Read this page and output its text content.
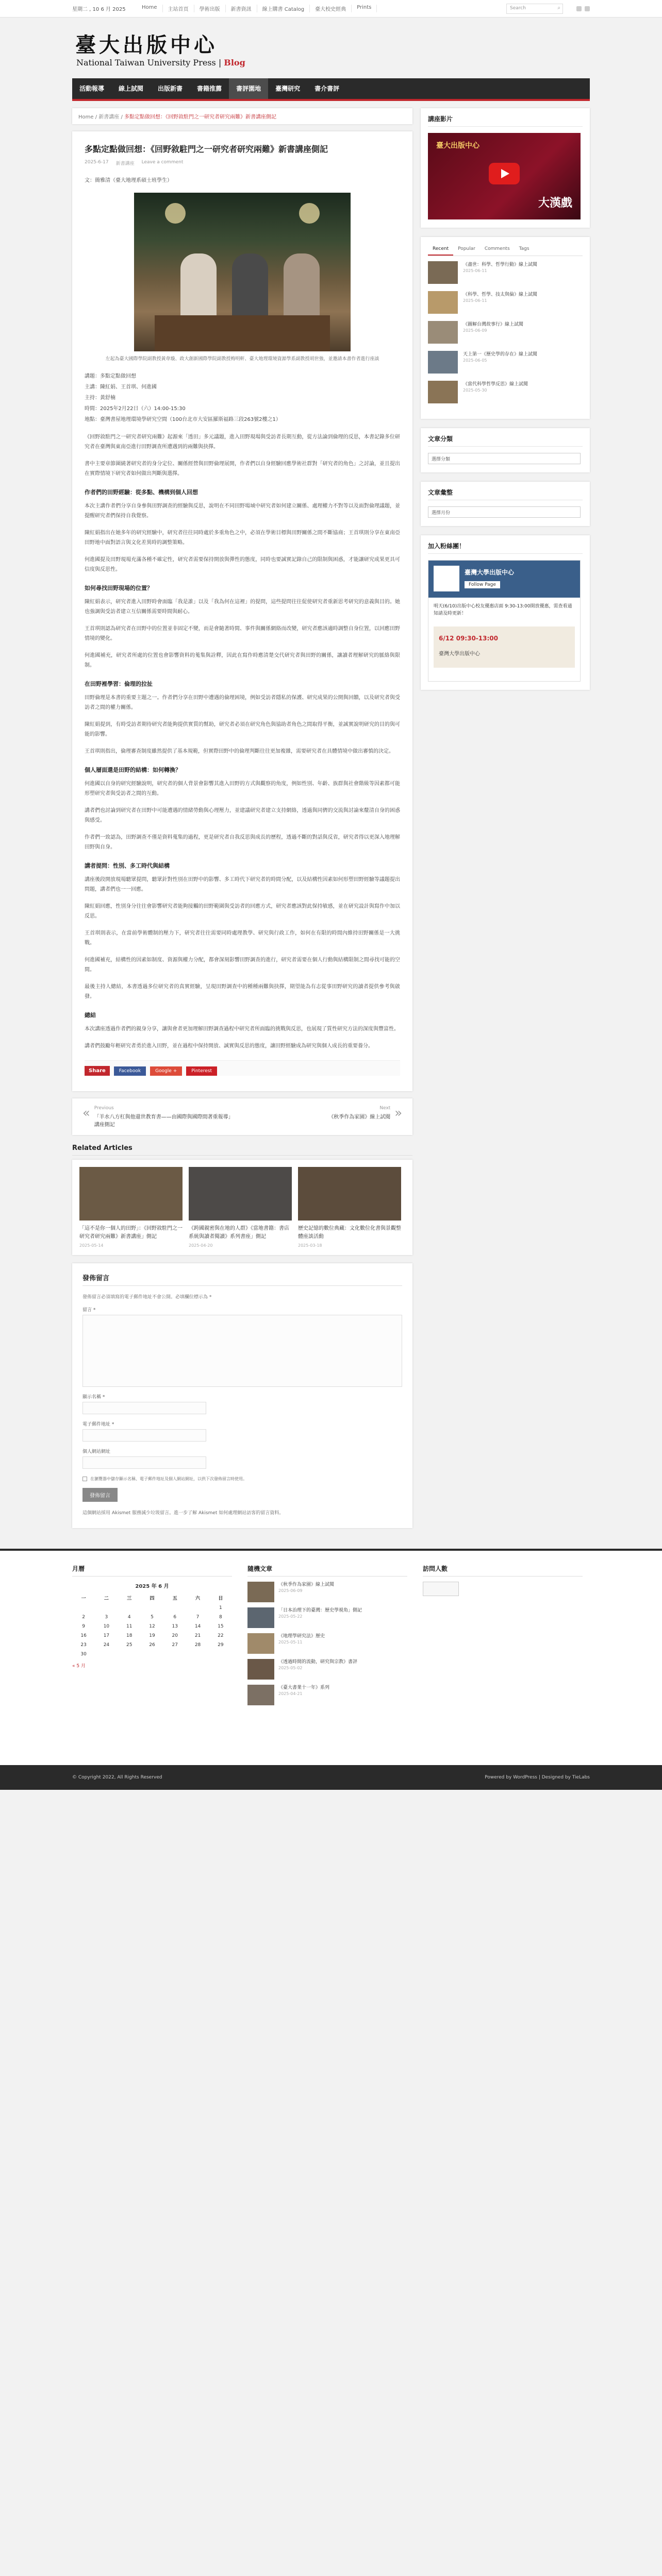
星期二 , 10 6 月 2025	Home	主站首頁	學術出版	新書資訊	線上購書 Catalog	臺大校史經典	Prints	Search	⌕
臺大出版中心
National Taiwan University Press | Blog
活動報導	線上試閱	出版新書	書籍推薦	書評園地	臺灣研究	書介書評
Home / 新書講座 / 多點定點做回想：《回野敘駐門之一研究者研究兩難》新書講座側記
多點定點做回想：《回野敘駐門之一研究者研究兩難》新書講座側記
2025-6-17 新書講座 Leave a comment

文：簡雅清（臺大地理系碩士班學生）

左起為臺大國際學院副教授黃韋璇、政大創新國際學院副教授梅明軒、臺大地理環境資源學系副教授胡世強，並邀請本書作者進行座談

講題：多點定點做回想

主講：陳紅娟、王首琪、何進國

主持：黃舒楠

時間：2025年2月22日（六）14:00-15:30

地點：臺灣書屋地理環境學研究空間（100台北市大安區羅斯福路三段263號2樓之1）

《回野敘駐門之一研究者研究兩難》起源來「透田」多元議題，進入田野現場與受訪者長期互動，從方法論到倫理的反思，本書記錄多位研究者在臺灣與東南亞進行田野調查所遭遇到的兩難與抉擇。

書中主要章節圍繞著研究者的身分定位、關係經營與田野倫理展開，作者們以自身經驗回應學術社群對「研究者的角色」之討論，並且提出在實際情境下研究者如何做出判斷與選擇。

作者們的田野經驗：從多點、機構到個人回想

本次主講作者們分享自身參與田野調查的經驗與反思，說明在不同田野場域中研究者如何建立關係、處理權力不對等以及面對倫理議題，並提醒研究者們保持自我覺察。

陳紅娟指出在她多年的研究經驗中，研究者往往同時處於多重角色之中，必須在學術目標與田野關係之間不斷協商；王首琪則分享在東南亞田野地中面對語言與文化差異時的調整策略。

何進國提及田野現場充滿各種不確定性，研究者需要保持開放與彈性的態度，同時也要誠實記錄自己的限制與困惑，才能讓研究成果更具可信度與反思性。

如何尋找田野現場的位置？

陳紅娟表示，研究者進入田野時會面臨「我是誰」以及「我為何在這裡」的提問，這些提問往往促使研究者重新思考研究的意義與目的。她也強調與受訪者建立互信關係需要時間與耐心。

王首琪則認為研究者在田野中的位置並非固定不變，而是會隨著時間、事件與關係網絡而改變，研究者應該適時調整自身位置，以回應田野情境的變化。

何進國補充，研究者所處的位置也會影響資料的蒐集與詮釋，因此在寫作時應清楚交代研究者與田野的關係，讓讀者理解研究的脈絡與限制。

在田野裡學習：倫理的拉扯

田野倫理是本書的重要主題之一。作者們分享在田野中遭遇的倫理困境，例如受訪者隱私的保護、研究成果的公開與回饋，以及研究者與受訪者之間的權力關係。

陳紅娟提到，有時受訪者期待研究者能夠提供實質的幫助，研究者必須在研究角色與協助者角色之間取得平衡，並誠實說明研究的目的與可能的影響。

王首琪則指出，倫理審查制度雖然提供了基本規範，但實際田野中的倫理判斷往往更加複雜，需要研究者在具體情境中做出審慎的決定。

個人層面還是田野的結構：如何轉換？

何進國以自身的研究經驗說明，研究者的個人背景會影響其進入田野的方式與觀察的角度，例如性別、年齡、族群與社會階級等因素都可能形塑研究者與受訪者之間的互動。

講者們也討論到研究者在田野中可能遭遇的情緒勞動與心理壓力，並建議研究者建立支持網絡，透過與同儕的交流與討論來釐清自身的困惑與感受。

作者們一致認為，田野調查不僅是資料蒐集的過程，更是研究者自我反思與成長的歷程，透過不斷的對話與反省，研究者得以更深入地理解田野與自身。

講者提問：性別、多工時代與結構

講座後段開放現場聽眾提問，聽眾針對性別在田野中的影響、多工時代下研究者的時間分配，以及結構性因素如何形塑田野經驗等議題提出問題，講者們也一一回應。

陳紅娟回應，性別身分往往會影響研究者能夠接觸的田野範圍與受訪者的回應方式，研究者應該對此保持敏感，並在研究設計與寫作中加以反思。

王首琪則表示，在當前學術體制的壓力下，研究者往往需要同時處理教學、研究與行政工作，如何在有限的時間內維持田野關係是一大挑戰。

何進國補充，結構性的因素如制度、資源與權力分配，都會深刻影響田野調查的進行，研究者需要在個人行動與結構限制之間尋找可能的空間。

最後主持人總結，本書透過多位研究者的真實經驗，呈現田野調查中的種種兩難與抉擇，期望能為有志從事田野研究的讀者提供參考與啟發。

總結

本次講座透過作者們的親身分享，讓與會者更加理解田野調查過程中研究者所面臨的挑戰與反思，也展現了質性研究方法的深度與豐富性。

講者們鼓勵年輕研究者勇於進入田野，並在過程中保持開放、誠實與反思的態度，讓田野經驗成為研究與個人成長的重要養分。

Share	Facebook	Google +	Pinterest
« Previous
「羊水八方杠與他還世教育書——由國際與國際間著重報導」講座側記
Next
《秋季作為家園》線上試閱 »
Related Articles
「這不是你一個人的田野」：《回野敘駐門之一研究者研究兩難》新書講座」側記
2025-05-14
《跨國親密與在地的人群》《當地書籍：書店系統與讀者閱讀》系列書座」側記
2025-04-20
歷史記憶的數位典藏：文化數位化書與景觀整體座談活動
2025-03-18
發佈留言
發佈留言必須填寫的電子郵件地址不會公開。必填欄位標示為 *
留言 *
顯示名稱 *
電子郵件地址 *
個人網站網址
在瀏覽器中儲存顯示名稱、電子郵件地址及個人網站網址，以供下次發佈留言時使用。
發佈留言
這個網站採用 Akismet 服務減少垃圾留言。進一步了解 Akismet 如何處理網站訪客的留言資料。
講座影片
臺大出版中心
大漢戲
Recent	Popular	Comments	Tags
《盡世：科學、哲學行動》線上試閱
2025-06-11
《科學、哲學、技太與倫》線上試閱
2025-06-11
《圖解台灣故事行》線上試閱
2025-06-09
天上第一《歷史學的存在》線上試閱
2025-06-05
《當代科學哲學反思》線上試閱
2025-05-30
文章分類
選擇分類
文章彙整
選擇月份
加入粉絲團！
臺灣大學出版中心
Follow Page
明天(6/10)出版中心校友優惠店面 9:30-13:00開放優惠，需查看通知請及時更新！
6/12 09:30-13:00
臺灣大學出版中心
月曆
2025 年 6 月
一	二	三	四	五	六	日
						1
2	3	4	5	6	7	8
9	10	11	12	13	14	15
16	17	18	19	20	21	22
23	24	25	26	27	28	29
30						
« 5 月
隨機文章
《秋季作為家園》線上試閱
2025-06-09
「日本治理下的臺灣：歷史學視角」側記
2025-05-22
《地理學研究法》歷史
2025-05-11
《透過時間的流動，研究與宗教》書評
2025-05-02
《臺大書業十一年》系列
2025-04-21
訪問人數
© Copyright 2022, All Rights Reserved	Powered by WordPress | Designed by TieLabs
